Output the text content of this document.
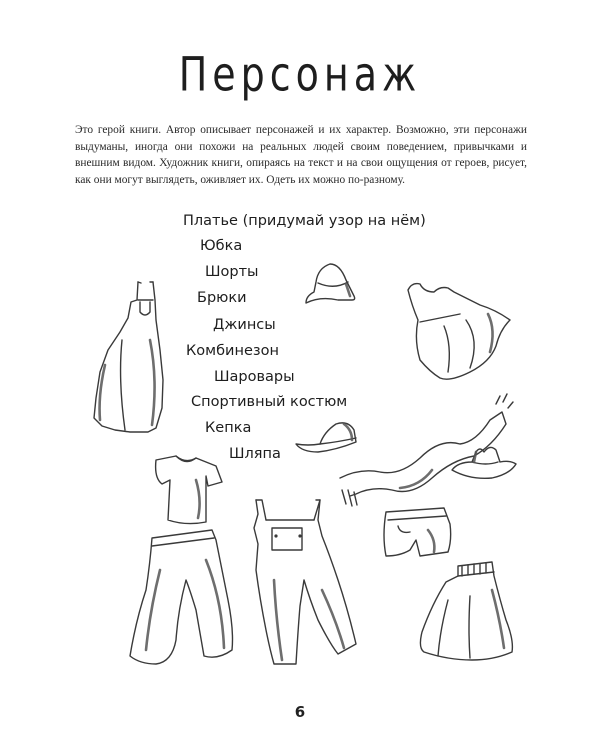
Персонаж

Это герой книги. Автор описывает персонажей и их характер. Возможно, эти персонажи выдуманы, иногда они похожи на реальных людей своим поведением, привычками и внешним видом. Художник книги, опираясь на текст и на свои ощущения от героев, рисует, как они могут выглядеть, оживляет их. Одеть их можно по-разному.

Платье (придумай узор на нём)
Юбка
Шорты
Брюки
Джинсы
Комбинезон
Шаровары
Спортивный костюм
Кепка
Шляпа
6
